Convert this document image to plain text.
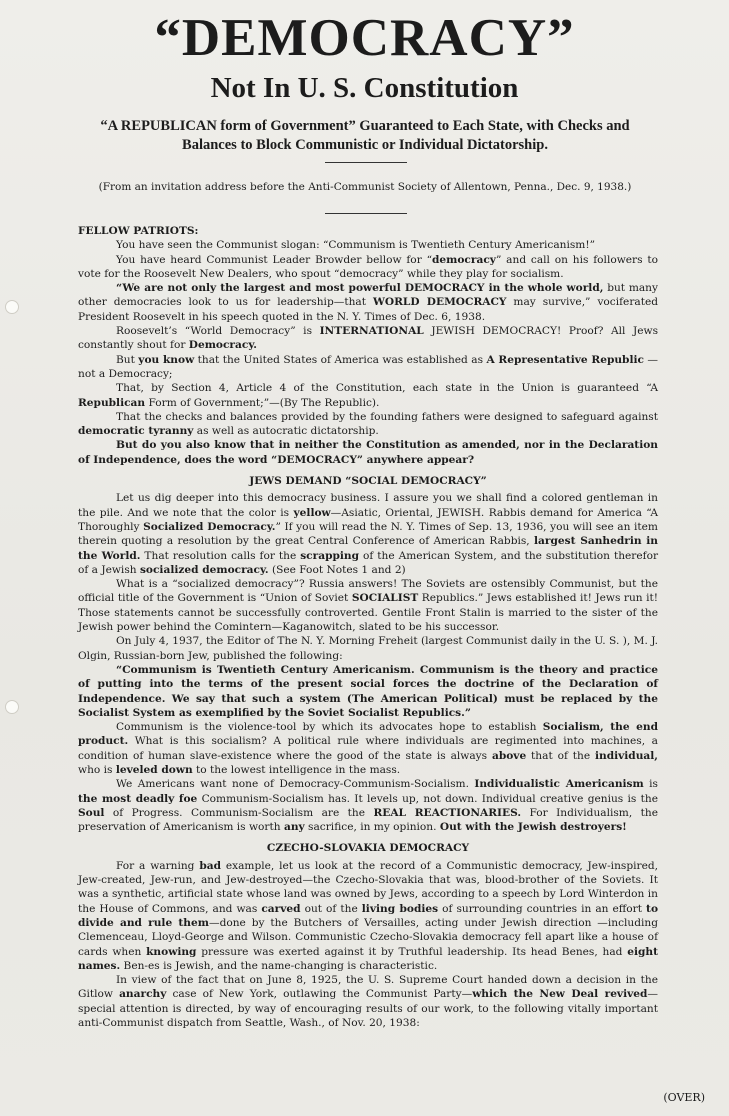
“DEMOCRACY”
Not In U. S. Constitution
“A REPUBLICAN form of Government” Guaranteed to Each State, with Checks and
Balances to Block Communistic or Individual Dictatorship.
(From an invitation address before the Anti-Communist Society of Allentown, Penna., Dec. 9, 1938.)

FELLOW PATRIOTS:

You have seen the Communist slogan: “Communism is Twentieth Century Americanism!”

You have heard Communist Leader Browder bellow for “democracy” and call on his followers to vote for the Roosevelt New Dealers, who spout “democracy” while they play for socialism.

“We are not only the largest and most powerful DEMOCRACY in the whole world, but many other democracies look to us for leadership—that WORLD DEMOCRACY may survive,” vociferated President Roosevelt in his speech quoted in the N. Y. Times of Dec. 6, 1938.

Roosevelt’s “World Democracy” is INTERNATIONAL JEWISH DEMOCRACY! Proof? All Jews constantly shout for Democracy.

But you know that the United States of America was established as A Representative Republic —not a Democracy;

That, by Section 4, Article 4 of the Constitution, each state in the Union is guaranteed “A Republican Form of Government;”—(By The Republic).

That the checks and balances provided by the founding fathers were designed to safeguard against democratic tyranny as well as autocratic dictatorship.

But do you also know that in neither the Constitution as amended, nor in the Declaration of Independence, does the word “DEMOCRACY” anywhere appear?

JEWS DEMAND “SOCIAL DEMOCRACY”

Let us dig deeper into this democracy business. I assure you we shall find a colored gentleman in the pile. And we note that the color is yellow—Asiatic, Oriental, JEWISH. Rabbis demand for America “A Thoroughly Socialized Democracy.” If you will read the N. Y. Times of Sep. 13, 1936, you will see an item therein quoting a resolution by the great Central Conference of American Rabbis, largest Sanhedrin in the World. That resolution calls for the scrapping of the American System, and the substitution therefor of a Jewish socialized democracy. (See Foot Notes 1 and 2)

What is a “socialized democracy”? Russia answers! The Soviets are ostensibly Communist, but the official title of the Government is “Union of Soviet SOCIALIST Republics.” Jews established it! Jews run it! Those statements cannot be successfully controverted. Gentile Front Stalin is married to the sister of the Jewish power behind the Comintern—Kaganowitch, slated to be his successor.

On July 4, 1937, the Editor of The N. Y. Morning Freheit (largest Communist daily in the U. S. ), M. J. Olgin, Russian-born Jew, published the following:

“Communism is Twentieth Century Americanism. Communism is the theory and practice of putting into the terms of the present social forces the doctrine of the Declaration of Independence. We say that such a system (The American Political) must be replaced by the Socialist System as exemplified by the Soviet Socialist Republics.”

Communism is the violence-tool by which its advocates hope to establish Socialism, the end product. What is this socialism? A political rule where individuals are regimented into machines, a condition of human slave-existence where the good of the state is always above that of the individual, who is leveled down to the lowest intelligence in the mass.

We Americans want none of Democracy-Communism-Socialism. Individualistic Americanism is the most deadly foe Communism-Socialism has. It levels up, not down. Individual creative genius is the Soul of Progress. Communism-Socialism are the REAL REACTIONARIES. For Individualism, the preservation of Americanism is worth any sacrifice, in my opinion. Out with the Jewish destroyers!

CZECHO-SLOVAKIA DEMOCRACY

For a warning bad example, let us look at the record of a Communistic democracy, Jew-inspired, Jew-created, Jew-run, and Jew-destroyed—the Czecho-Slovakia that was, blood-brother of the Soviets. It was a synthetic, artificial state whose land was owned by Jews, according to a speech by Lord Winterdon in the House of Commons, and was carved out of the living bodies of surrounding countries in an effort to divide and rule them—done by the Butchers of Versailles, acting under Jewish direction —including Clemenceau, Lloyd-George and Wilson. Communistic Czecho-Slovakia democracy fell apart like a house of cards when knowing pressure was exerted against it by Truthful leadership. Its head Benes, had eight names. Ben-es is Jewish, and the name-changing is characteristic.

In view of the fact that on June 8, 1925, the U. S. Supreme Court handed down a decision in the Gitlow anarchy case of New York, outlawing the Communist Party—which the New Deal revived— special attention is directed, by way of encouraging results of our work, to the following vitally important anti-Communist dispatch from Seattle, Wash., of Nov. 20, 1938:

(OVER)
